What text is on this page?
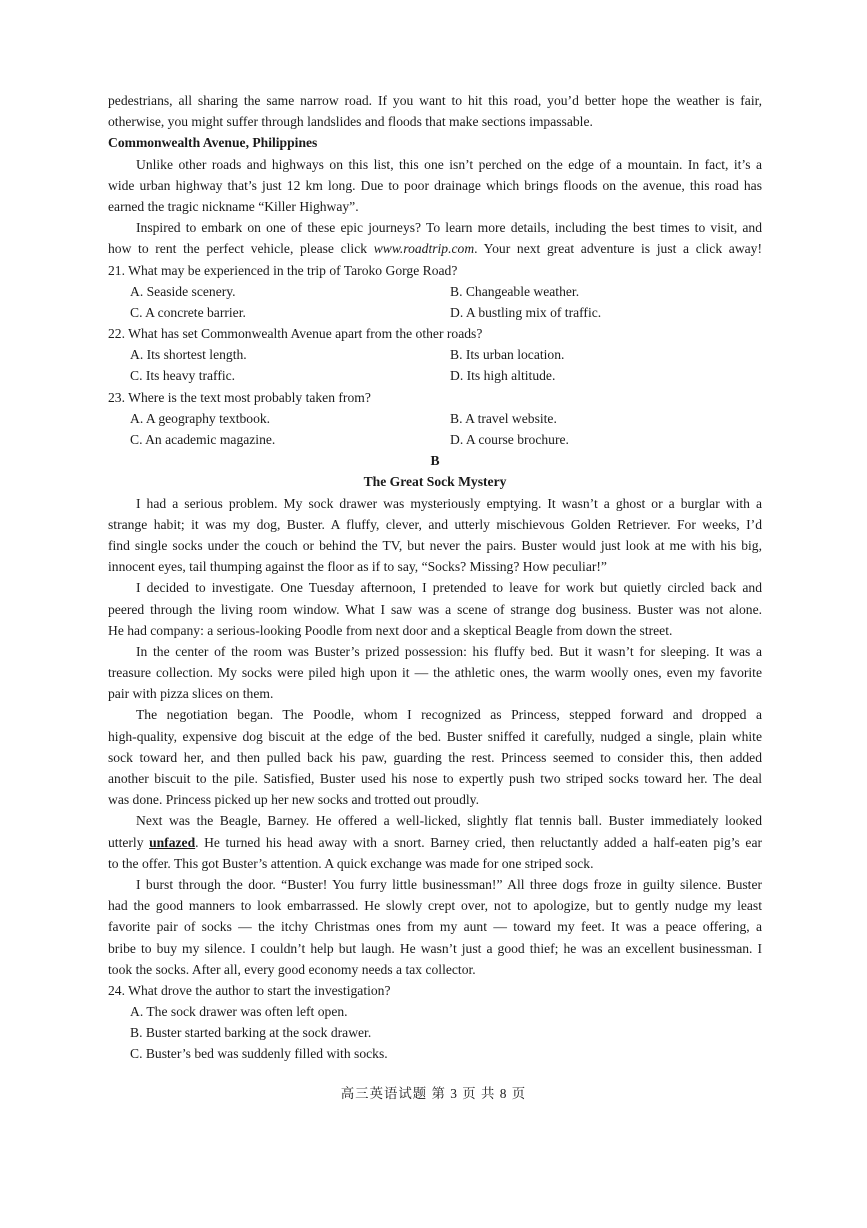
pedestrians, all sharing the same narrow road. If you want to hit this road, you’d better hope the weather is fair,
otherwise, you might suffer through landslides and floods that make sections impassable.
Commonwealth Avenue, Philippines
Unlike other roads and highways on this list, this one isn’t perched on the edge of a mountain. In fact, it’s a
wide urban highway that’s just 12 km long. Due to poor drainage which brings floods on the avenue, this road has
earned the tragic nickname “Killer Highway”.
Inspired to embark on one of these epic journeys? To learn more details, including the best times to visit, and
how to rent the perfect vehicle, please click www.roadtrip.com. Your next great adventure is just a click away!
21. What may be experienced in the trip of Taroko Gorge Road?
A. Seaside scenery.	B. Changeable weather.
C. A concrete barrier.	D. A bustling mix of traffic.
22. What has set Commonwealth Avenue apart from the other roads?
A. Its shortest length.	B. Its urban location.
C. Its heavy traffic.	D. Its high altitude.
23. Where is the text most probably taken from?
A. A geography textbook.	B. A travel website.
C. An academic magazine.	D. A course brochure.
B
The Great Sock Mystery
I had a serious problem. My sock drawer was mysteriously emptying. It wasn’t a ghost or a burglar with a
strange habit; it was my dog, Buster. A fluffy, clever, and utterly mischievous Golden Retriever. For weeks, I’d
find single socks under the couch or behind the TV, but never the pairs. Buster would just look at me with his big,
innocent eyes, tail thumping against the floor as if to say, “Socks? Missing? How peculiar!”
I decided to investigate. One Tuesday afternoon, I pretended to leave for work but quietly circled back and
peered through the living room window. What I saw was a scene of strange dog business. Buster was not alone.
He had company: a serious-looking Poodle from next door and a skeptical Beagle from down the street.
In the center of the room was Buster’s prized possession: his fluffy bed. But it wasn’t for sleeping. It was a
treasure collection. My socks were piled high upon it — the athletic ones, the warm woolly ones, even my favorite
pair with pizza slices on them.
The negotiation began. The Poodle, whom I recognized as Princess, stepped forward and dropped a
high-quality, expensive dog biscuit at the edge of the bed. Buster sniffed it carefully, nudged a single, plain white
sock toward her, and then pulled back his paw, guarding the rest. Princess seemed to consider this, then added
another biscuit to the pile. Satisfied, Buster used his nose to expertly push two striped socks toward her. The deal
was done. Princess picked up her new socks and trotted out proudly.
Next was the Beagle, Barney. He offered a well-licked, slightly flat tennis ball. Buster immediately looked
utterly unfazed. He turned his head away with a snort. Barney cried, then reluctantly added a half-eaten pig’s ear
to the offer. This got Buster’s attention. A quick exchange was made for one striped sock.
I burst through the door. “Buster! You furry little businessman!” All three dogs froze in guilty silence. Buster
had the good manners to look embarrassed. He slowly crept over, not to apologize, but to gently nudge my least
favorite pair of socks — the itchy Christmas ones from my aunt — toward my feet. It was a peace offering, a
bribe to buy my silence. I couldn’t help but laugh. He wasn’t just a good thief; he was an excellent businessman. I
took the socks. After all, every good economy needs a tax collector.
24. What drove the author to start the investigation?
A. The sock drawer was often left open.
B. Buster started barking at the sock drawer.
C. Buster’s bed was suddenly filled with socks.
高三英语试题 第 3 页 共 8 页
